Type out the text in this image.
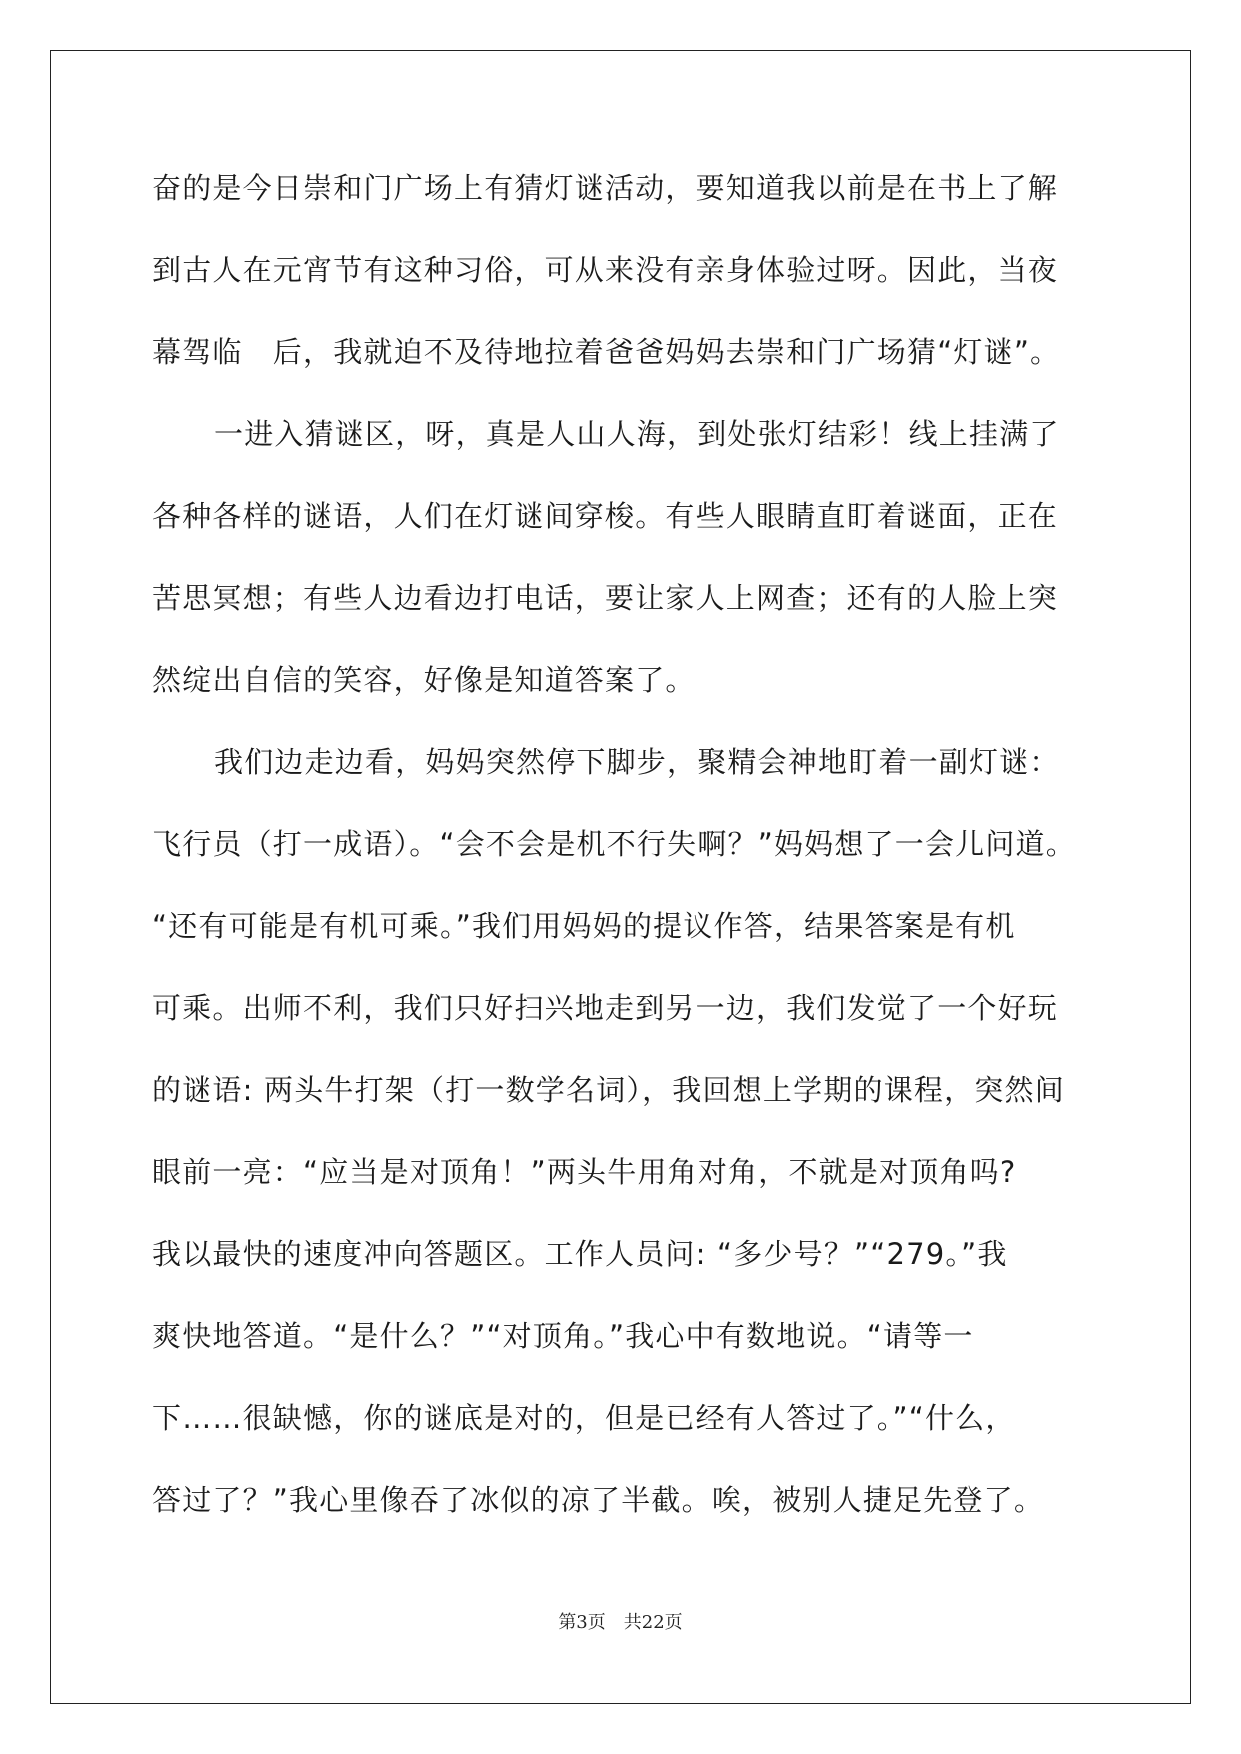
奋的是今日崇和门广场上有猜灯谜活动，要知道我以前是在书上了解
到古人在元宵节有这种习俗，可从来没有亲身体验过呀。因此，当夜
幕驾临　后，我就迫不及待地拉着爸爸妈妈去崇和门广场猜“灯谜”。
一进入猜谜区，呀，真是人山人海，到处张灯结彩！线上挂满了
各种各样的谜语，人们在灯谜间穿梭。有些人眼睛直盯着谜面，正在
苦思冥想；有些人边看边打电话，要让家人上网查；还有的人脸上突
然绽出自信的笑容，好像是知道答案了。
我们边走边看，妈妈突然停下脚步，聚精会神地盯着一副灯谜：
飞行员（打一成语）。“会不会是机不行失啊？”妈妈想了一会儿问道。
“还有可能是有机可乘。”我们用妈妈的提议作答，结果答案是有机
可乘。出师不利，我们只好扫兴地走到另一边，我们发觉了一个好玩
的谜语: 两头牛打架（打一数学名词），我回想上学期的课程，突然间
眼前一亮：“应当是对顶角！”两头牛用角对角，不就是对顶角吗?
我以最快的速度冲向答题区。工作人员问: “多少号？”“279。”我
爽快地答道。“是什么？”“对顶角。”我心中有数地说。“请等一
下……很缺憾，你的谜底是对的，但是已经有人答过了。”“什么，
答过了？”我心里像吞了冰似的凉了半截。唉，被别人捷足先登了。
第3页　共22页
